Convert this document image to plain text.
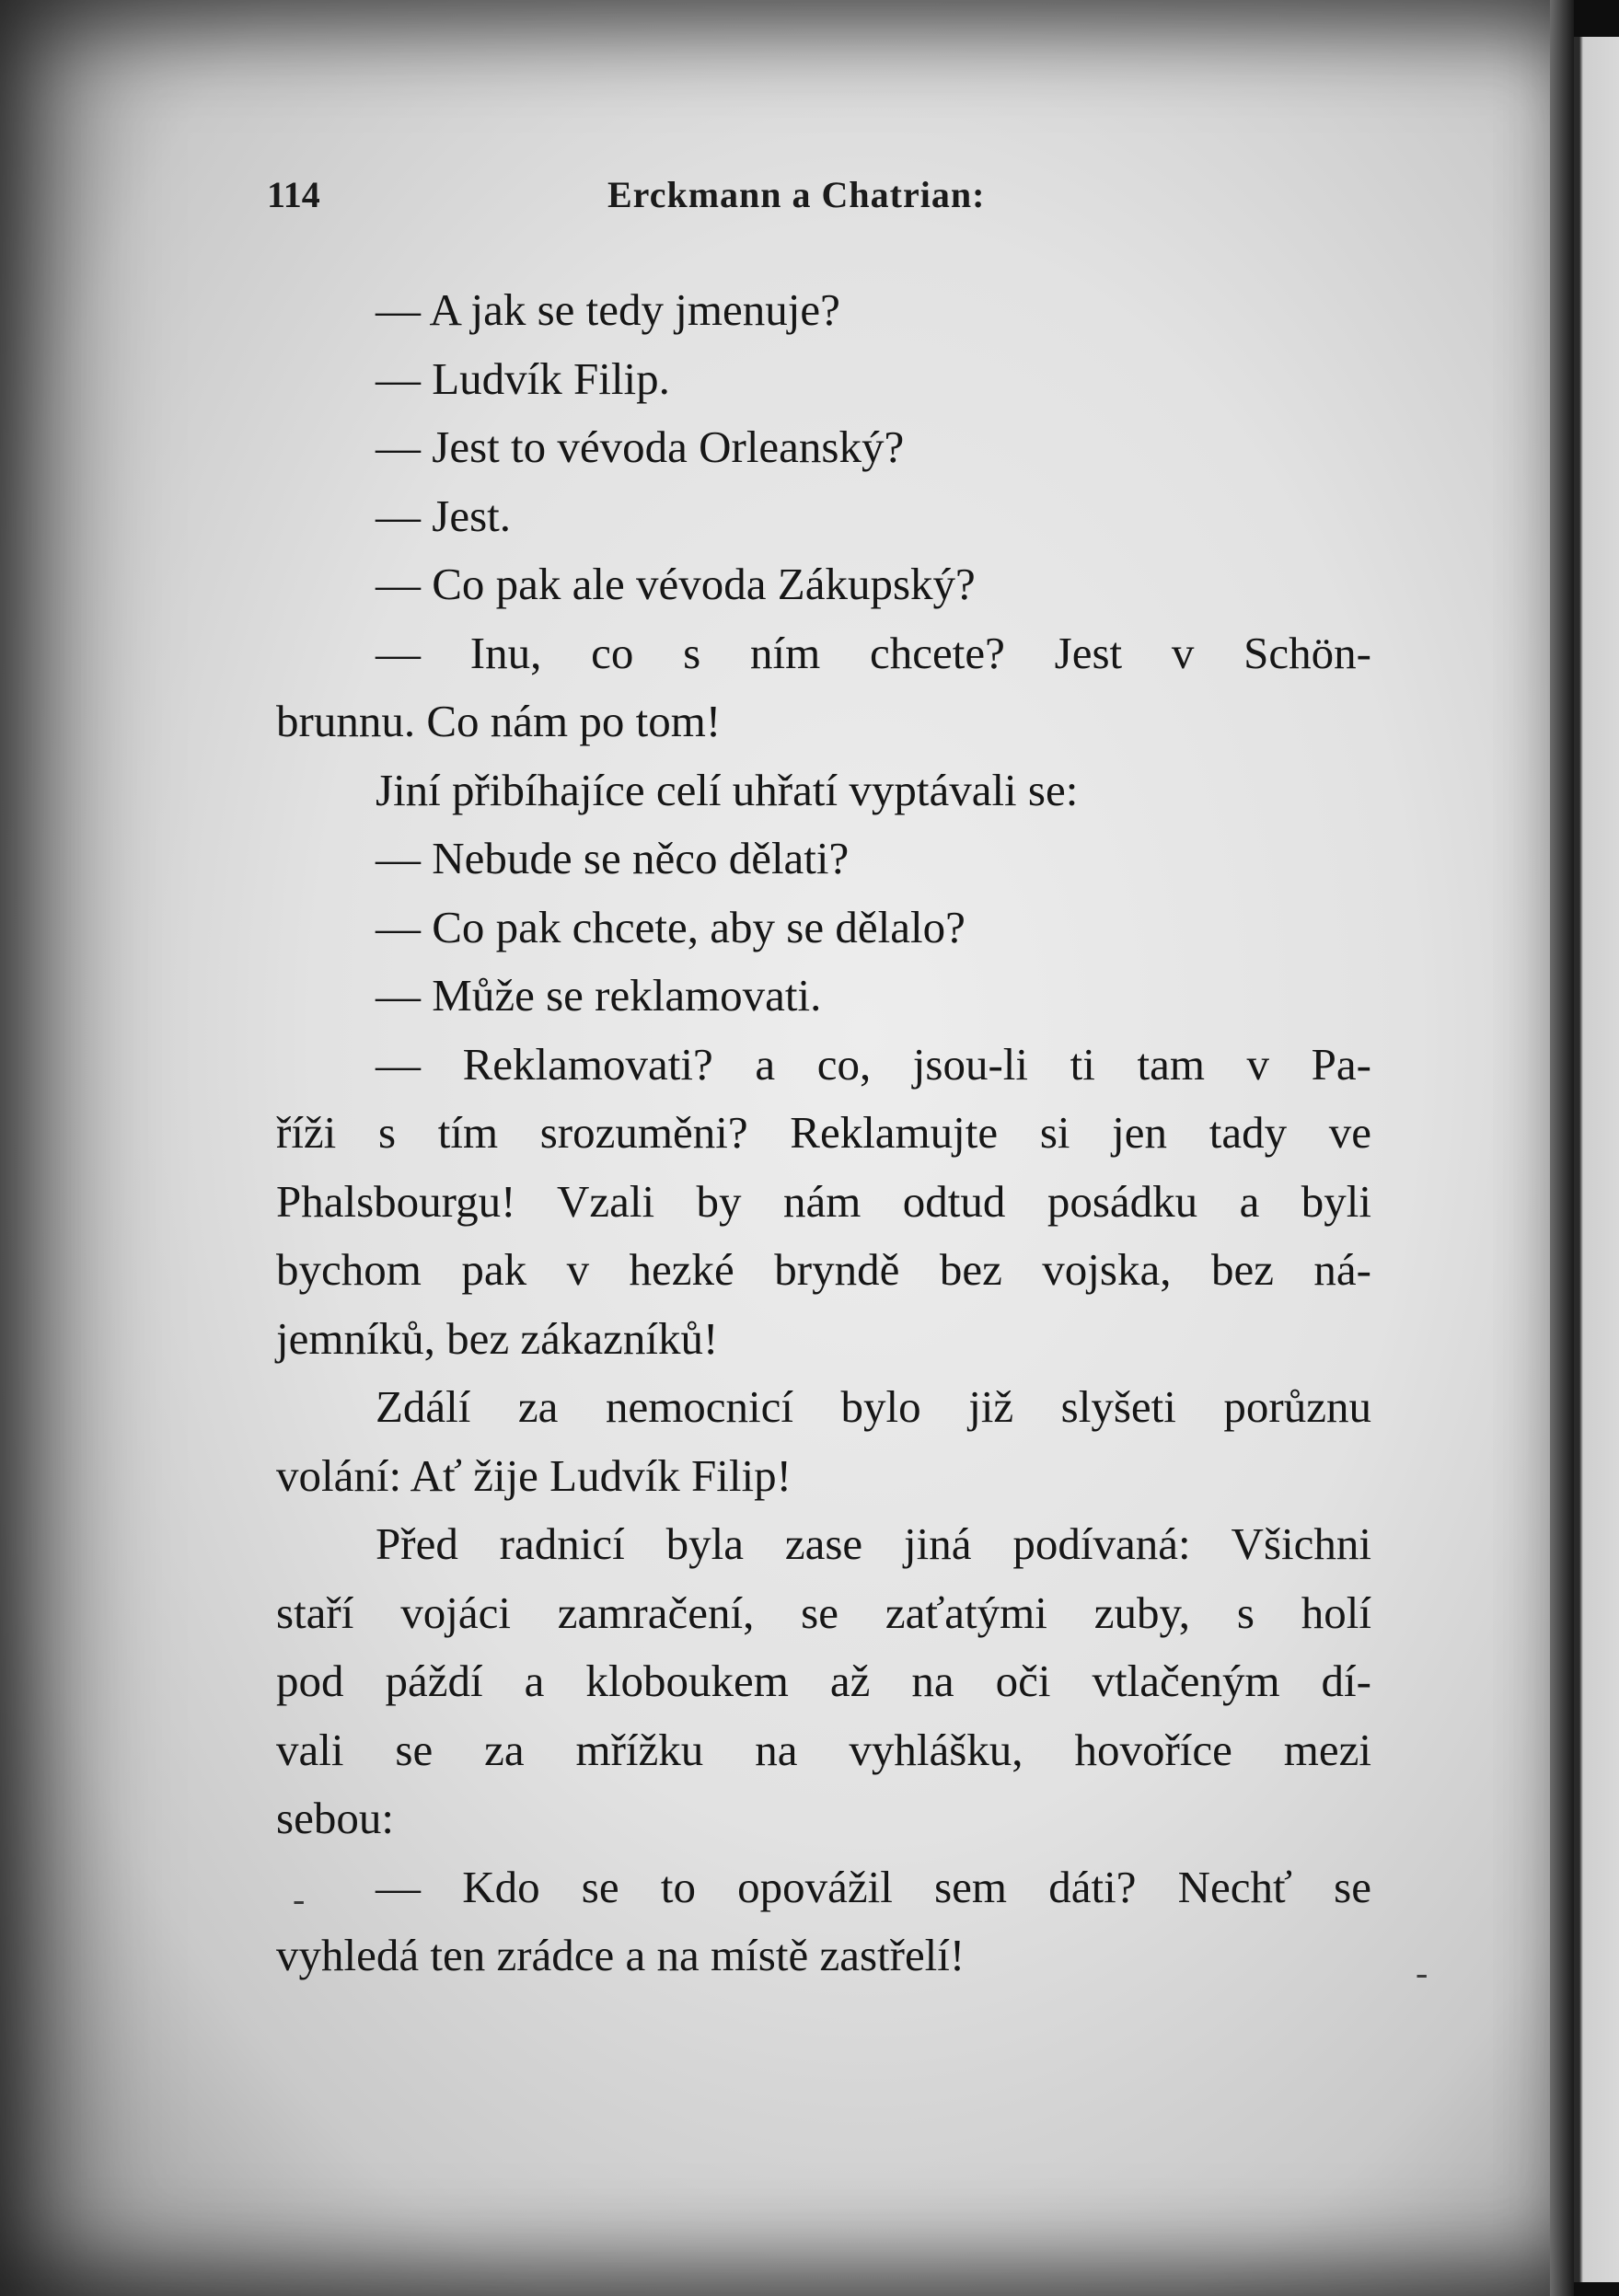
114	Erckmann a Chatrian:
— A jak se tedy jmenuje?
— Ludvík Filip.
— Jest to vévoda Orleanský?
— Jest.
— Co pak ale vévoda Zákupský?
— Inu, co s ním chcete? Jest v Schön-
brunnu. Co nám po tom!
Jiní přibíhajíce celí uhřatí vyptávali se:
— Nebude se něco dělati?
— Co pak chcete, aby se dělalo?
— Může se reklamovati.
— Reklamovati? a co, jsou-li ti tam v Pa-
říži s tím srozuměni? Reklamujte si jen tady ve
Phalsbourgu! Vzali by nám odtud posádku a byli
bychom pak v hezké bryndě bez vojska, bez ná-
jemníků, bez zákazníků!
Zdálí za nemocnicí bylo již slyšeti porůznu
volání: Ať žije Ludvík Filip!
Před radnicí byla zase jiná podívaná: Všichni
staří vojáci zamračení, se zaťatými zuby, s holí
pod páždí a kloboukem až na oči vtlačeným dí-
vali se za mřížku na vyhlášku, hovoříce mezi
sebou:
— Kdo se to opovážil sem dáti? Nechť se
vyhledá ten zrádce a na místě zastřelí!
-
-
